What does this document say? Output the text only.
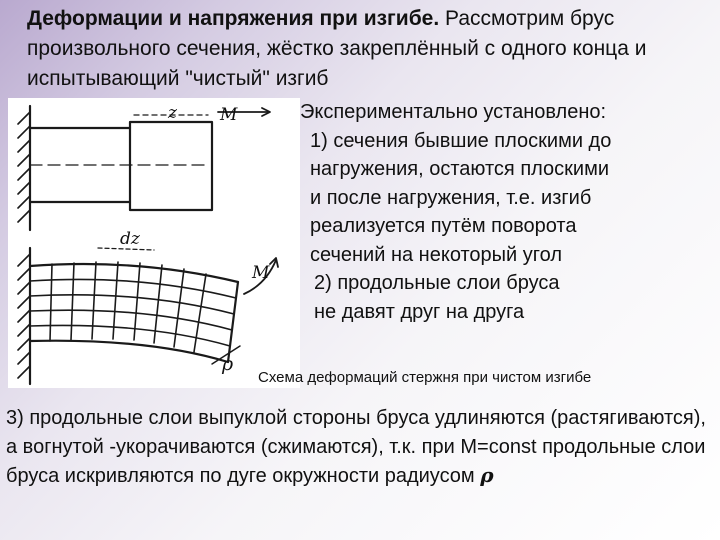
Деформации и напряжения при изгибе. Рассмотрим брус произвольного сечения, жёстко закреплённый с одного конца и испытывающий "чистый" изгиб
z	M
dz
M
ρ
Экспериментально установлено:
1) сечения бывшие плоскими до
нагружения, остаются плоскими
и после нагружения, т.е. изгиб
реализуется путём поворота
сечений на некоторый угол
2) продольные слои бруса
не давят друг на друга
Схема деформаций стержня при чистом изгибе
3) продольные слои выпуклой стороны бруса удлиняются (растягиваются), а вогнутой -укорачиваются (сжимаются), т.к. при M=const продольные слои бруса искривляются по дуге окружности радиусом ρ
